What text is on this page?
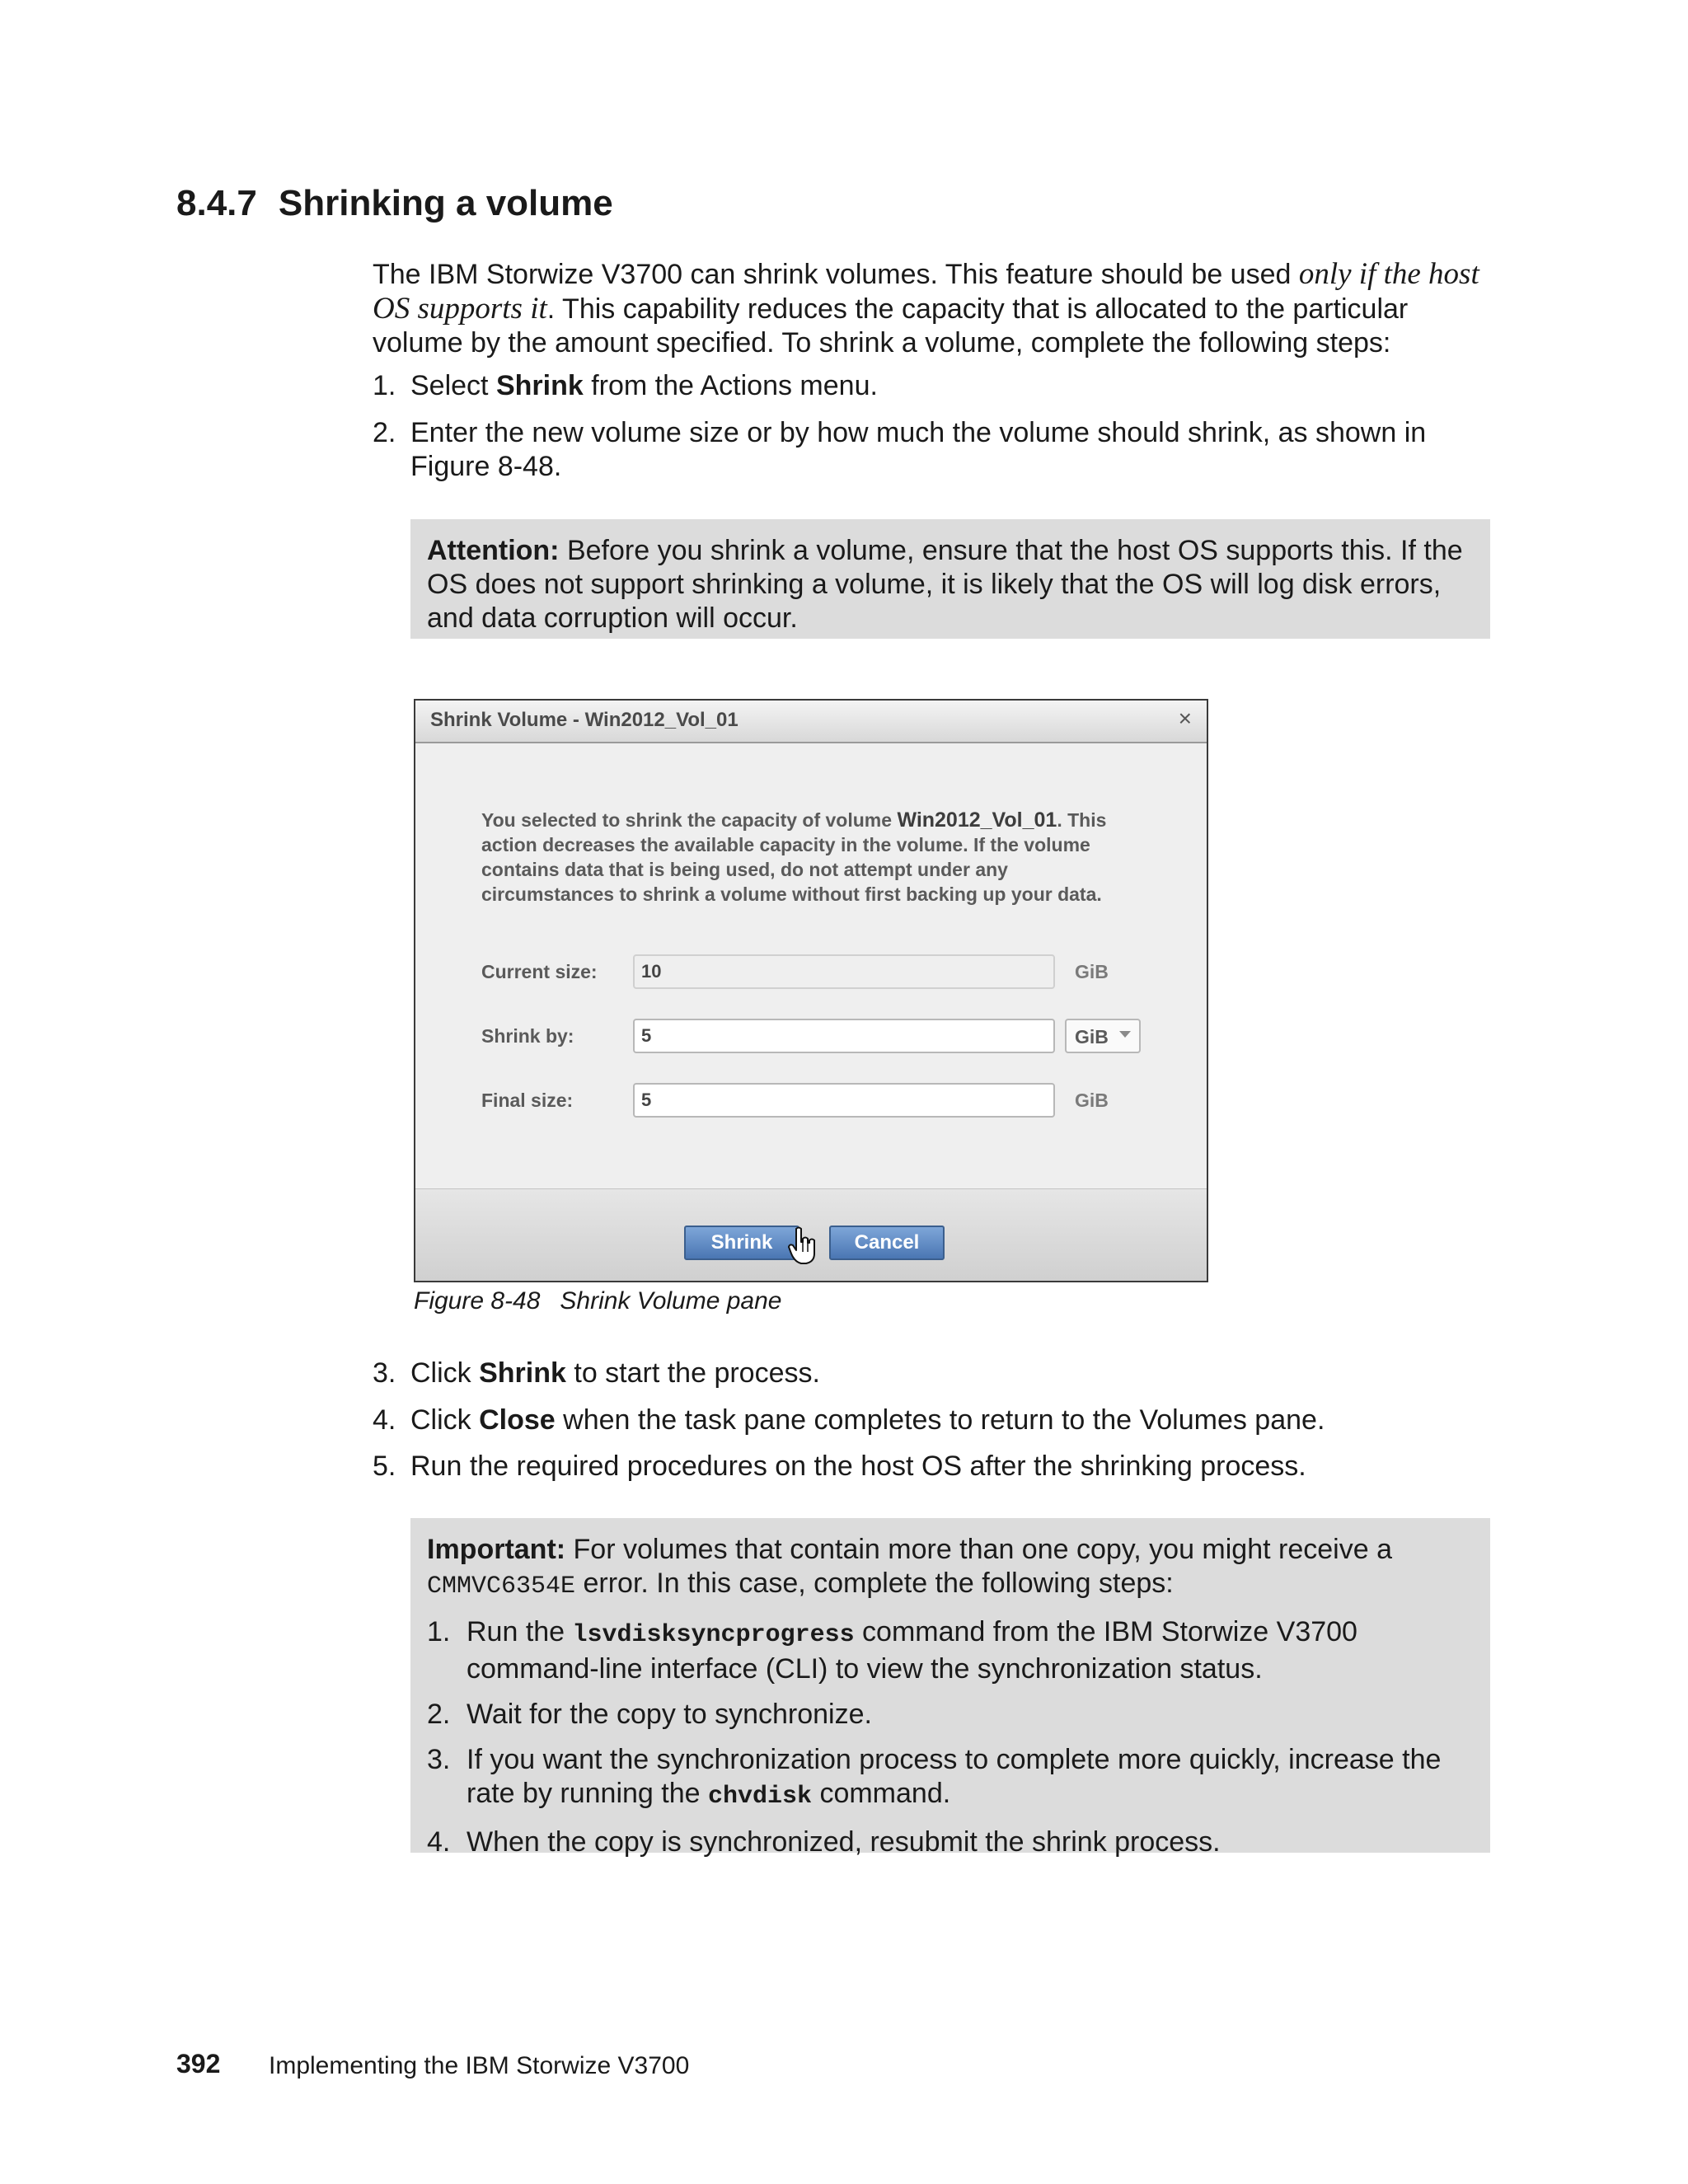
8.4.7 Shrinking a volume
The IBM Storwize V3700 can shrink volumes. This feature should be used only if the host OS supports it. This capability reduces the capacity that is allocated to the particular volume by the amount specified. To shrink a volume, complete the following steps:
1. Select Shrink from the Actions menu.
2. Enter the new volume size or by how much the volume should shrink, as shown in Figure 8-48.
Attention: Before you shrink a volume, ensure that the host OS supports this. If the OS does not support shrinking a volume, it is likely that the OS will log disk errors, and data corruption will occur.
Shrink Volume - Win2012_Vol_01	×
You selected to shrink the capacity of volume Win2012_Vol_01. This action decreases the available capacity in the volume. If the volume contains data that is being used, do not attempt under any circumstances to shrink a volume without first backing up your data.
Current size:
10	GiB
Shrink by:
5	GiB
Final size:
5	GiB
Shrink	Cancel
Figure 8-48 Shrink Volume pane
3. Click Shrink to start the process.
4. Click Close when the task pane completes to return to the Volumes pane.
5. Run the required procedures on the host OS after the shrinking process.
Important: For volumes that contain more than one copy, you might receive a CMMVC6354E error. In this case, complete the following steps:
1. Run the lsvdisksyncprogress command from the IBM Storwize V3700 command-line interface (CLI) to view the synchronization status.
2. Wait for the copy to synchronize.
3. If you want the synchronization process to complete more quickly, increase the rate by running the chvdisk command.
4. When the copy is synchronized, resubmit the shrink process.
392 Implementing the IBM Storwize V3700
